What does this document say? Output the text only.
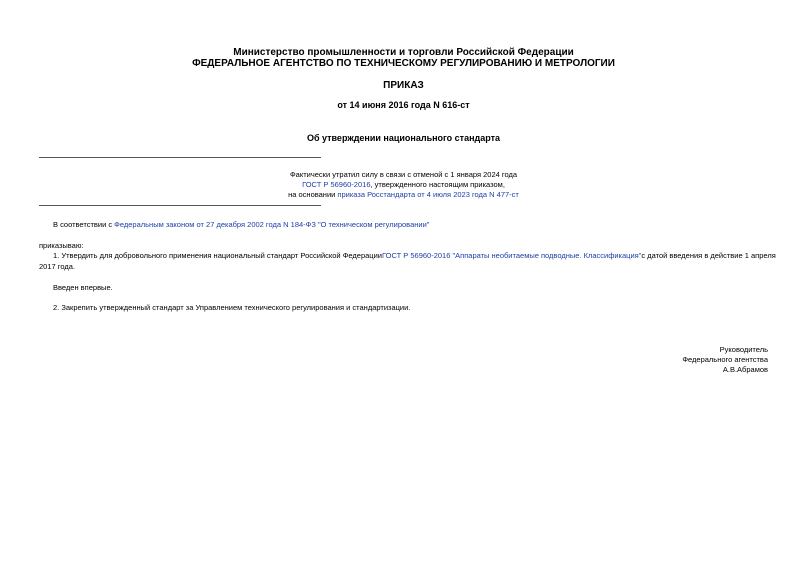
Министерство промышленности и торговли Российской Федерации
ФЕДЕРАЛЬНОЕ АГЕНТСТВО ПО ТЕХНИЧЕСКОМУ РЕГУЛИРОВАНИЮ И МЕТРОЛОГИИ
ПРИКАЗ
от 14 июня 2016 года N 616-ст
Об утверждении национального стандарта
Фактически утратил силу в связи с отменой с 1 января 2024 года
ГОСТ Р 56960-2016, утвержденного настоящим приказом,
на основании приказа Росстандарта от 4 июля 2023 года N 477-ст
В соответствии с Федеральным законом от 27 декабря 2002 года N 184-ФЗ "О техническом регулировании"
приказываю:
1. Утвердить для добровольного применения национальный стандарт Российской ФедерацииГОСТ Р 56960-2016 "Аппараты необитаемые подводные. Классификация"с датой введения в действие 1 апреля
2017 года.
Введен впервые.
2. Закрепить утвержденный стандарт за Управлением технического регулирования и стандартизации.
Руководитель
Федерального агентства
А.В.Абрамов
